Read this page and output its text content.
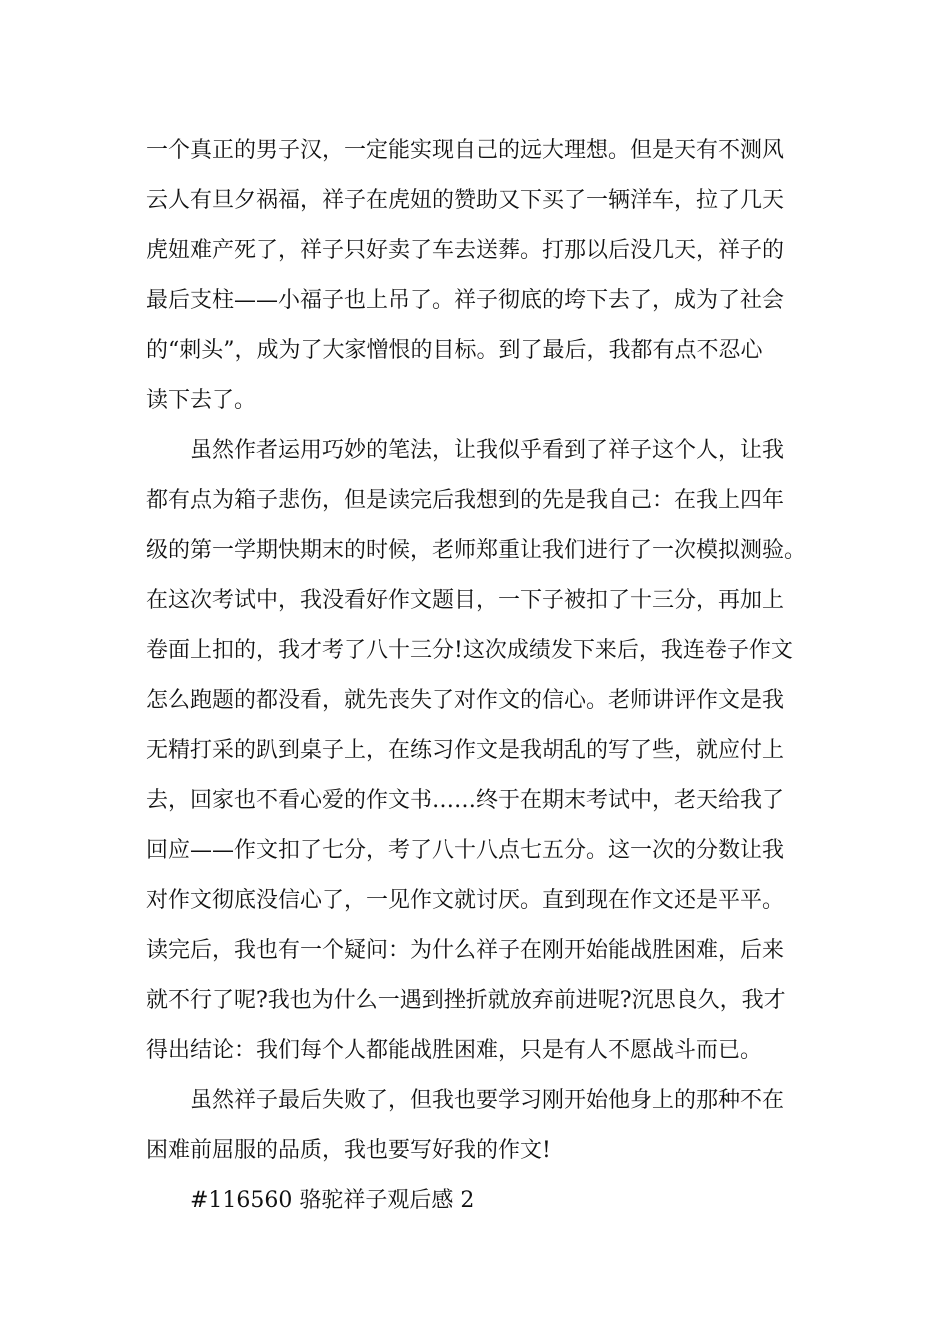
一个真正的男子汉，一定能实现自己的远大理想。但是天有不测风

云人有旦夕祸福，祥子在虎妞的赞助又下买了一辆洋车，拉了几天

虎妞难产死了，祥子只好卖了车去送葬。打那以后没几天，祥子的

最后支柱——小福子也上吊了。祥子彻底的垮下去了，成为了社会

的“刺头”，成为了大家憎恨的目标。到了最后，我都有点不忍心

读下去了。

虽然作者运用巧妙的笔法，让我似乎看到了祥子这个人，让我

都有点为箱子悲伤，但是读完后我想到的先是我自己：在我上四年

级的第一学期快期末的时候，老师郑重让我们进行了一次模拟测验。

在这次考试中，我没看好作文题目，一下子被扣了十三分，再加上

卷面上扣的，我才考了八十三分!这次成绩发下来后，我连卷子作文

怎么跑题的都没看，就先丧失了对作文的信心。老师讲评作文是我

无精打采的趴到桌子上，在练习作文是我胡乱的写了些，就应付上

去，回家也不看心爱的作文书……终于在期末考试中，老天给我了

回应——作文扣了七分，考了八十八点七五分。这一次的分数让我

对作文彻底没信心了，一见作文就讨厌。直到现在作文还是平平。

读完后，我也有一个疑问：为什么祥子在刚开始能战胜困难，后来

就不行了呢?我也为什么一遇到挫折就放弃前进呢?沉思良久，我才

得出结论：我们每个人都能战胜困难，只是有人不愿战斗而已。

虽然祥子最后失败了，但我也要学习刚开始他身上的那种不在

困难前屈服的品质，我也要写好我的作文!

#116560 骆驼祥子观后感 2
